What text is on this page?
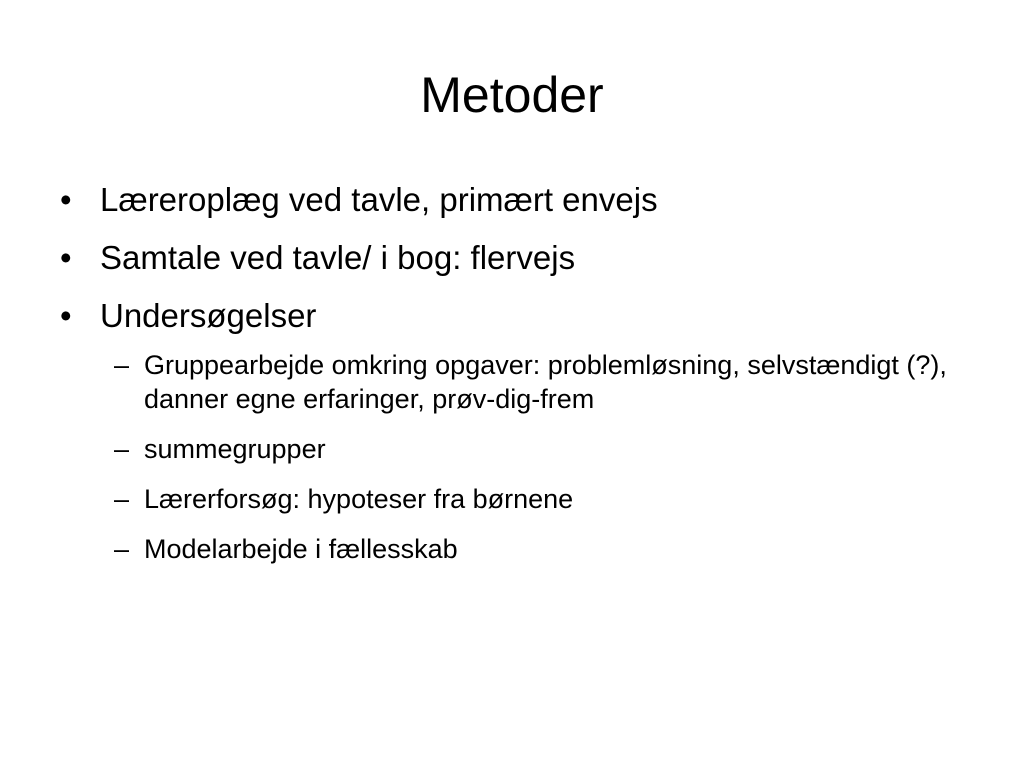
Metoder
• Læreroplæg ved tavle, primært envejs
• Samtale ved tavle/ i bog: flervejs
• Undersøgelser
– Gruppearbejde omkring opgaver: problemløsning, selvstændigt (?), danner egne erfaringer, prøv-dig-frem
– summegrupper
– Lærerforsøg: hypoteser fra børnene
– Modelarbejde i fællesskab
